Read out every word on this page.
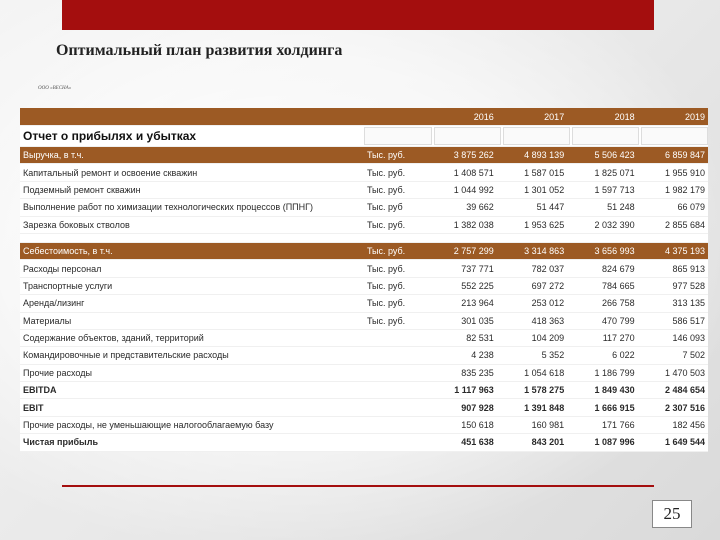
Оптимальный план развития холдинга
ООО «ВЕСНА»
2016	2017	2018	2019
Отчет о прибылях и убытках
Выручка, в т.ч.	Тыс. руб.	3 875 262	4 893 139	5 506 423	6 859 847
Капитальный ремонт и освоение скважин	Тыс. руб.	1 408 571	1 587 015	1 825 071	1 955 910
Подземный ремонт скважин	Тыс. руб.	1 044 992	1 301 052	1 597 713	1 982 179
Выполнение работ по химизации технологических процессов (ППНГ)	Тыс. руб	39 662	51 447	51 248	66 079
Зарезка боковых стволов	Тыс. руб.	1 382 038	1 953 625	2 032 390	2 855 684
Себестоимость, в т.ч.	Тыс. руб.	2 757 299	3 314 863	3 656 993	4 375 193
Расходы персонал	Тыс. руб.	737 771	782 037	824 679	865 913
Транспортные услуги	Тыс. руб.	552 225	697 272	784 665	977 528
Аренда/лизинг	Тыс. руб.	213 964	253 012	266 758	313 135
Материалы	Тыс. руб.	301 035	418 363	470 799	586 517
Содержание объектов, зданий, территорий	82 531	104 209	117 270	146 093
Командировочные и представительские расходы	4 238	5 352	6 022	7 502
Прочие расходы	835 235	1 054 618	1 186 799	1 470 503
EBITDA	1 117 963	1 578 275	1 849 430	2 484 654
EBIT	907 928	1 391 848	1 666 915	2 307 516
Прочие расходы, не уменьшающие налогооблагаемую базу	150 618	160 981	171 766	182 456
Чистая прибыль	451 638	843 201	1 087 996	1 649 544
25
